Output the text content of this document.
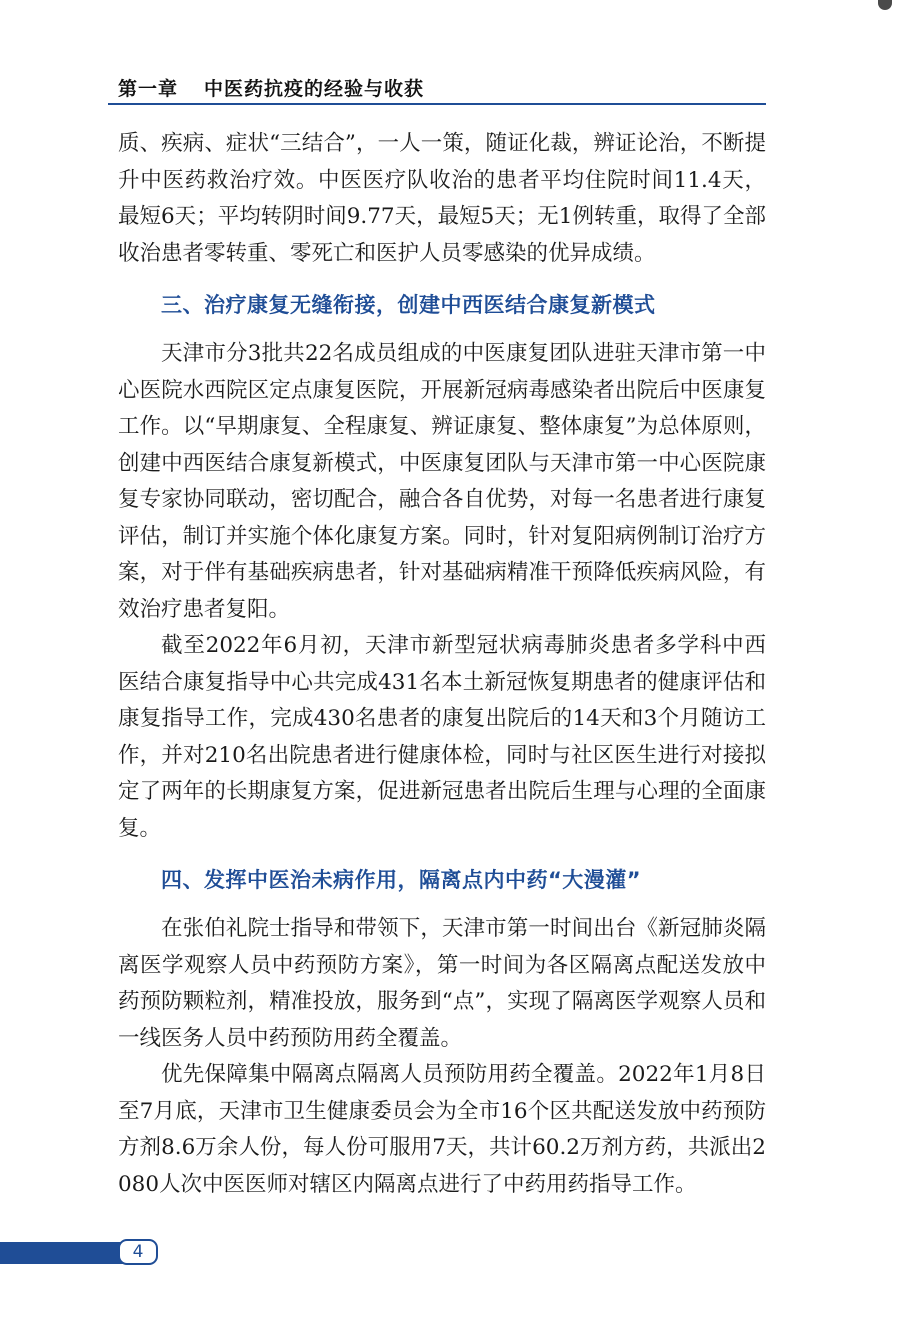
第一章 中医药抗疫的经验与收获

质、疾病、症状“三结合”，一人一策，随证化裁，辨证论治，不断提升中医药救治疗效。中医医疗队收治的患者平均住院时间11.4天，最短6天；平均转阴时间9.77天，最短5天；无1例转重，取得了全部收治患者零转重、零死亡和医护人员零感染的优异成绩。

三、治疗康复无缝衔接，创建中西医结合康复新模式

天津市分3批共22名成员组成的中医康复团队进驻天津市第一中心医院水西院区定点康复医院，开展新冠病毒感染者出院后中医康复工作。以“早期康复、全程康复、辨证康复、整体康复”为总体原则，创建中西医结合康复新模式，中医康复团队与天津市第一中心医院康复专家协同联动，密切配合，融合各自优势，对每一名患者进行康复评估，制订并实施个体化康复方案。同时，针对复阳病例制订治疗方案，对于伴有基础疾病患者，针对基础病精准干预降低疾病风险，有效治疗患者复阳。

截至2022年6月初，天津市新型冠状病毒肺炎患者多学科中西医结合康复指导中心共完成431名本土新冠恢复期患者的健康评估和康复指导工作，完成430名患者的康复出院后的14天和3个月随访工作，并对210名出院患者进行健康体检，同时与社区医生进行对接拟定了两年的长期康复方案，促进新冠患者出院后生理与心理的全面康复。

四、发挥中医治未病作用，隔离点内中药“大漫灌”

在张伯礼院士指导和带领下，天津市第一时间出台《新冠肺炎隔离医学观察人员中药预防方案》，第一时间为各区隔离点配送发放中药预防颗粒剂，精准投放，服务到“点”，实现了隔离医学观察人员和一线医务人员中药预防用药全覆盖。

优先保障集中隔离点隔离人员预防用药全覆盖。2022年1月8日至7月底，天津市卫生健康委员会为全市16个区共配送发放中药预防方剂8.6万余人份，每人份可服用7天，共计60.2万剂方药，共派出2 080人次中医医师对辖区内隔离点进行了中药用药指导工作。

4
